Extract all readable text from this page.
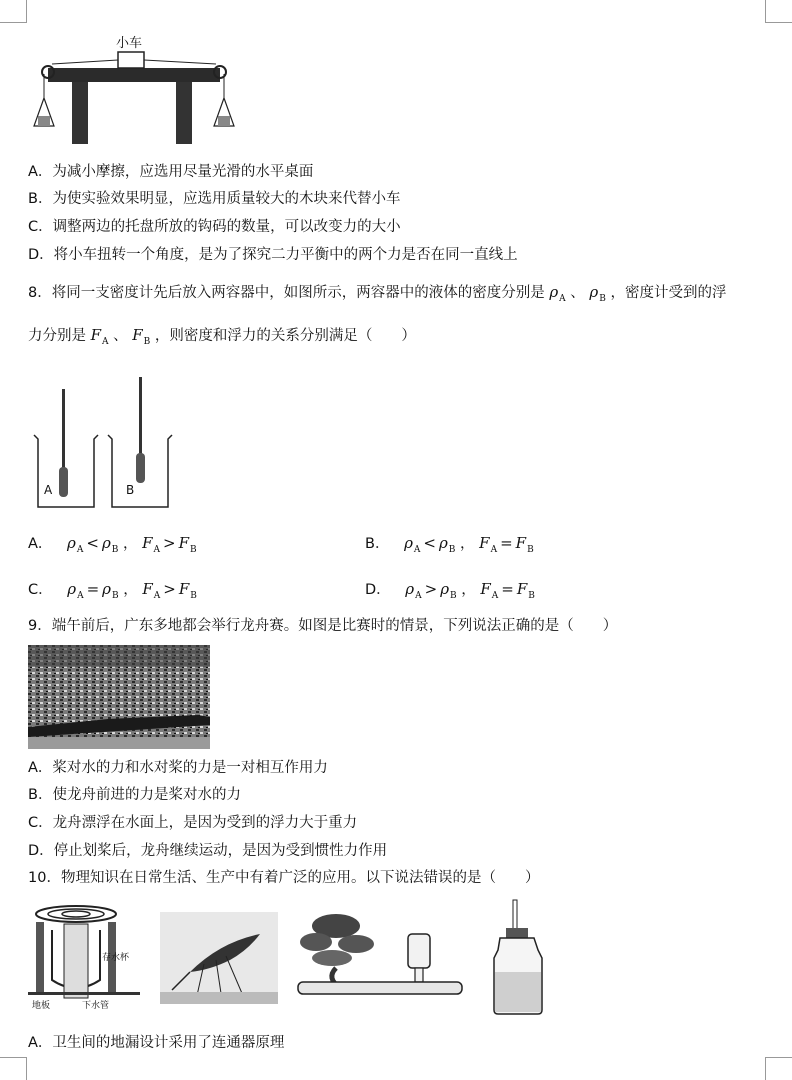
小车
A．为减小摩擦，应选用尽量光滑的水平桌面
B．为使实验效果明显，应选用质量较大的木块来代替小车
C．调整两边的托盘所放的钩码的数量，可以改变力的大小
D．将小车扭转一个角度，是为了探究二力平衡中的两个力是否在同一直线上
8．将同一支密度计先后放入两容器中，如图所示，两容器中的液体的密度分别是 $\rho_A$ 、 $\rho_B$ ，密度计受到的浮
力分别是 $F_A$ 、 $F_B$ ，则密度和浮力的关系分别满足（　　）
A	B
A． $\rho_A < \rho_B$ ， $F_A > F_B$	B． $\rho_A < \rho_B$ ， $F_A = F_B$
C． $\rho_A = \rho_B$ ， $F_A > F_B$	D． $\rho_A > \rho_B$ ， $F_A = F_B$
9．端午前后，广东多地都会举行龙舟赛。如图是比赛时的情景，下列说法正确的是（　　）
A．桨对水的力和水对桨的力是一对相互作用力
B．使龙舟前进的力是桨对水的力
C．龙舟漂浮在水面上，是因为受到的浮力大于重力
D．停止划桨后，龙舟继续运动，是因为受到惯性力作用
10．物理知识在日常生活、生产中有着广泛的应用。以下说法错误的是（　　）
存水杯
地板	下水管
A．卫生间的地漏设计采用了连通器原理
